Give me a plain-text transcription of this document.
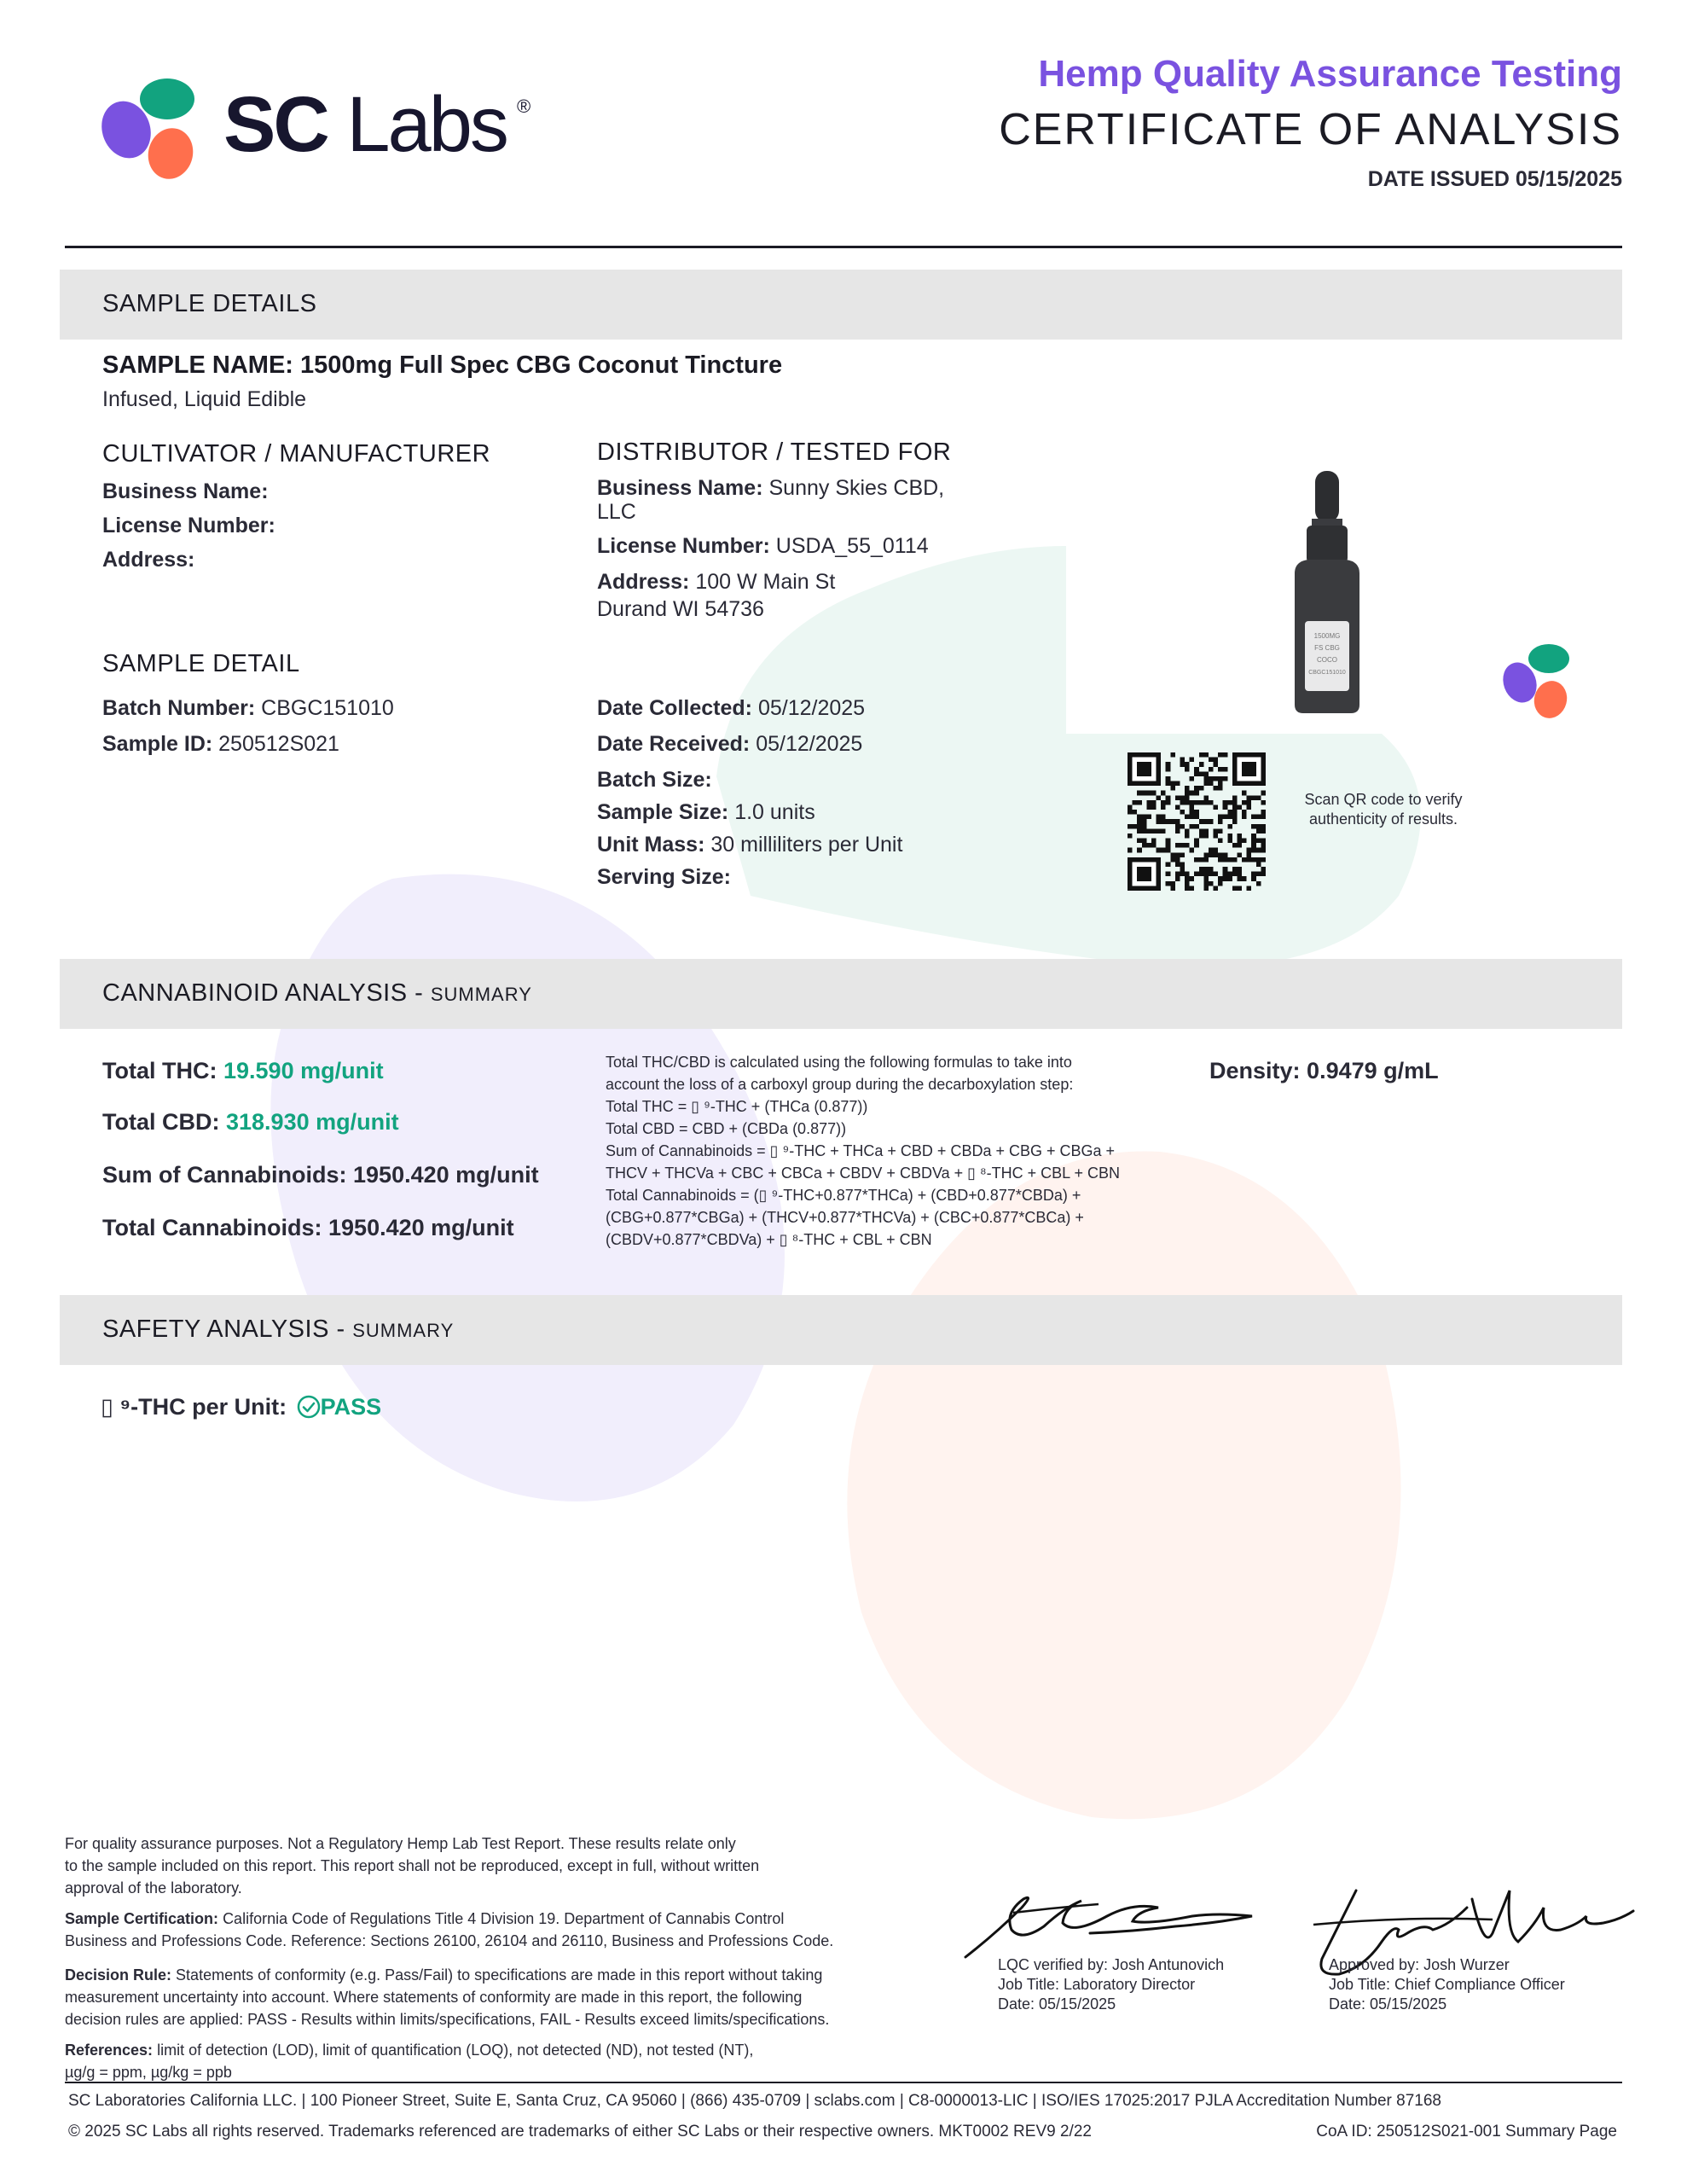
SC Labs ®
Hemp Quality Assurance Testing
CERTIFICATE OF ANALYSIS
DATE ISSUED 05/15/2025
SAMPLE DETAILS
SAMPLE NAME: 1500mg Full Spec CBG Coconut Tincture
Infused, Liquid Edible
CULTIVATOR / MANUFACTURER
Business Name:
License Number:
Address:
DISTRIBUTOR / TESTED FOR
Business Name: Sunny Skies CBD,
LLC
License Number: USDA_55_0114
Address: 100 W Main St
Durand WI 54736
SAMPLE DETAIL
Batch Number: CBGC151010
Sample ID: 250512S021
Date Collected: 05/12/2025
Date Received: 05/12/2025
Batch Size:
Sample Size: 1.0 units
Unit Mass: 30 milliliters per Unit
Serving Size:
1500MG
FS CBG
COCO
CBGC151010
Scan QR code to verify authenticity of results.
CANNABINOID ANALYSIS - SUMMARY
Total THC: 19.590 mg/unit
Total CBD: 318.930 mg/unit
Sum of Cannabinoids: 1950.420 mg/unit
Total Cannabinoids: 1950.420 mg/unit
Total THC/CBD is calculated using the following formulas to take into
account the loss of a carboxyl group during the decarboxylation step:
Total THC = ▯ ⁹-THC + (THCa (0.877))
Total CBD = CBD + (CBDa (0.877))
Sum of Cannabinoids = ▯ ⁹-THC + THCa + CBD + CBDa + CBG + CBGa +
THCV + THCVa + CBC + CBCa + CBDV + CBDVa + ▯ ⁸-THC + CBL + CBN
Total Cannabinoids = (▯ ⁹-THC+0.877*THCa) + (CBD+0.877*CBDa) +
(CBG+0.877*CBGa) + (THCV+0.877*THCVa) + (CBC+0.877*CBCa) +
(CBDV+0.877*CBDVa) + ▯ ⁸-THC + CBL + CBN
Density: 0.9479 g/mL
SAFETY ANALYSIS - SUMMARY
▯ ⁹-THC per Unit: PASS
For quality assurance purposes. Not a Regulatory Hemp Lab Test Report. These results relate only
to the sample included on this report. This report shall not be reproduced, except in full, without written
approval of the laboratory.
Sample Certification: California Code of Regulations Title 4 Division 19. Department of Cannabis Control
Business and Professions Code. Reference: Sections 26100, 26104 and 26110, Business and Professions Code.
Decision Rule: Statements of conformity (e.g. Pass/Fail) to specifications are made in this report without taking
measurement uncertainty into account. Where statements of conformity are made in this report, the following
decision rules are applied: PASS - Results within limits/specifications, FAIL - Results exceed limits/specifications.
References: limit of detection (LOD), limit of quantification (LOQ), not detected (ND), not tested (NT),
µg/g = ppm, µg/kg = ppb
LQC verified by: Josh Antunovich
Job Title: Laboratory Director
Date: 05/15/2025
Approved by: Josh Wurzer
Job Title: Chief Compliance Officer
Date: 05/15/2025
SC Laboratories California LLC. | 100 Pioneer Street, Suite E, Santa Cruz, CA 95060 | (866) 435-0709 | sclabs.com | C8-0000013-LIC | ISO/IES 17025:2017 PJLA Accreditation Number 87168
© 2025 SC Labs all rights reserved. Trademarks referenced are trademarks of either SC Labs or their respective owners. MKT0002 REV9 2/22	CoA ID: 250512S021-001 Summary Page
